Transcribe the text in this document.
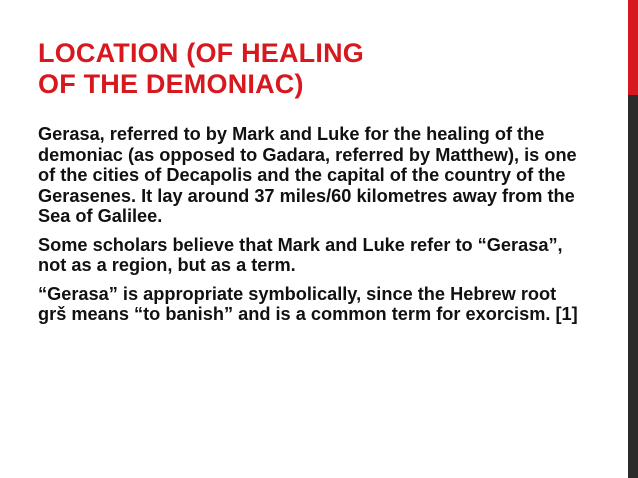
LOCATION (OF HEALING
OF THE DEMONIAC)

Gerasa, referred to by Mark and Luke for the healing of the demoniac (as opposed to Gadara, referred by Matthew), is one of the cities of Decapolis and the capital of the country of the Gerasenes. It lay around 37 miles/60 kilometres away from the Sea of Galilee.

Some scholars believe that Mark and Luke refer to “Gerasa”, not as a region, but as a term.

“Gerasa” is appropriate symbolically, since the Hebrew root grš means “to banish” and is a common term for exorcism. [1]
